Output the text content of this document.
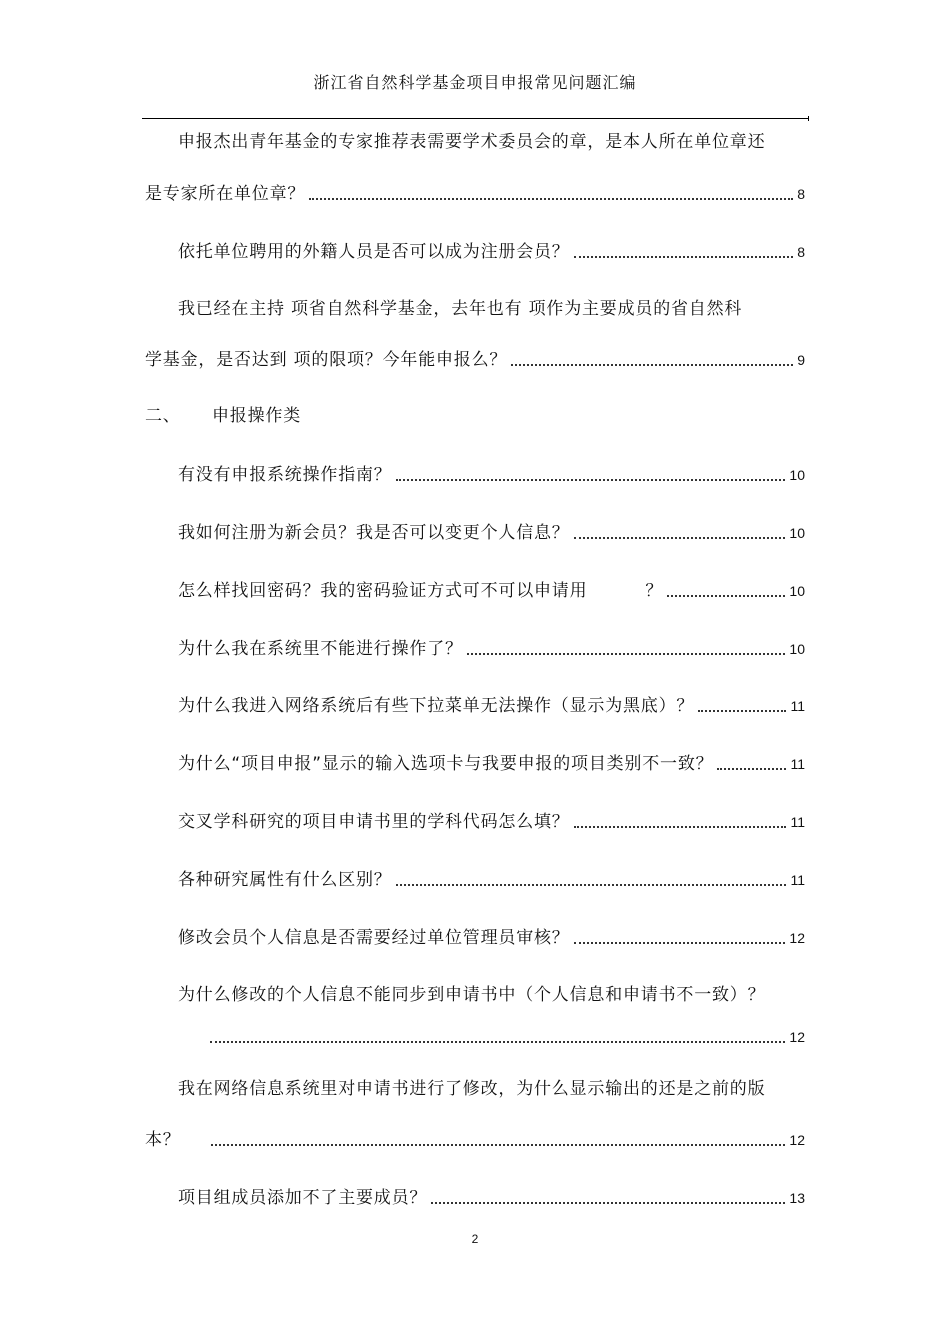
浙江省自然科学基金项目申报常见问题汇编
申报杰出青年基金的专家推荐表需要学术委员会的章，是本人所在单位章还
是专家所在单位章？	8
依托单位聘用的外籍人员是否可以成为注册会员？	8
我已经在主持 项省自然科学基金，去年也有 项作为主要成员的省自然科
学基金，是否达到 项的限项？今年能申报么？	9
二、 申报操作类
有没有申报系统操作指南？	10
我如何注册为新会员？我是否可以变更个人信息？	10
怎么样找回密码？我的密码验证方式可不可以申请用	？	10
为什么我在系统里不能进行操作了？	10
为什么我进入网络系统后有些下拉菜单无法操作（显示为黑底）？	11
为什么“项目申报”显示的输入选项卡与我要申报的项目类别不一致？	11
交叉学科研究的项目申请书里的学科代码怎么填？	11
各种研究属性有什么区别？	11
修改会员个人信息是否需要经过单位管理员审核？	12
为什么修改的个人信息不能同步到申请书中（个人信息和申请书不一致）？
12
我在网络信息系统里对申请书进行了修改，为什么显示输出的还是之前的版
本？	12
项目组成员添加不了主要成员？	13
2
